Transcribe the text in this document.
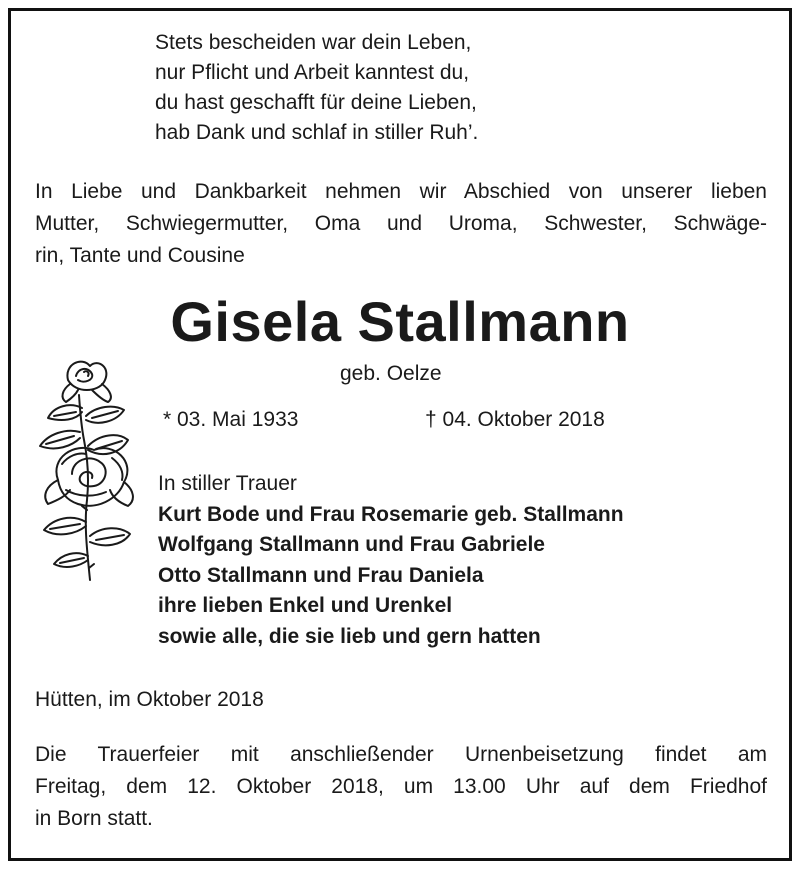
Stets bescheiden war dein Leben,
nur Pflicht und Arbeit kanntest du,
du hast geschafft für deine Lieben,
hab Dank und schlaf in stiller Ruh’.
In Liebe und Dankbarkeit nehmen wir Abschied von unserer lieben
Mutter, Schwiegermutter, Oma und Uroma, Schwester, Schwäge-
rin, Tante und Cousine
Gisela Stallmann
geb. Oelze
* 03. Mai 1933	† 04. Oktober 2018
In stiller Trauer
Kurt Bode und Frau Rosemarie geb. Stallmann
Wolfgang Stallmann und Frau Gabriele
Otto Stallmann und Frau Daniela
ihre lieben Enkel und Urenkel
sowie alle, die sie lieb und gern hatten
Hütten, im Oktober 2018
Die Trauerfeier mit anschließender Urnenbeisetzung findet am
Freitag, dem 12. Oktober 2018, um 13.00 Uhr auf dem Friedhof
in Born statt.
